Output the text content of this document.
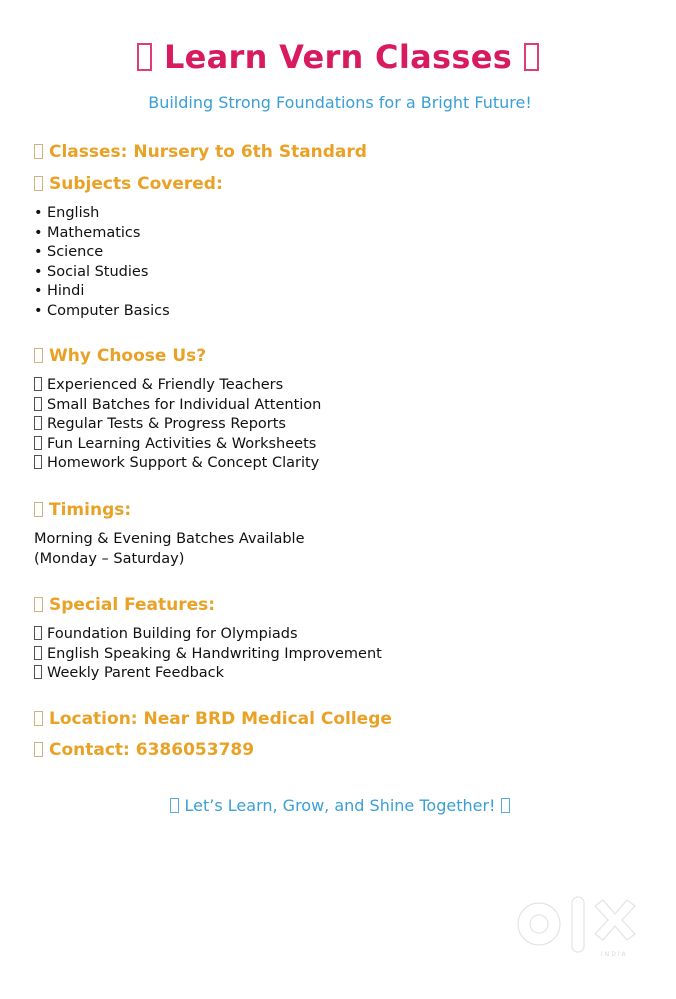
Learn Vern Classes
Building Strong Foundations for a Bright Future!
Classes: Nursery to 6th Standard
Subjects Covered:
• English
• Mathematics
• Science
• Social Studies
• Hindi
• Computer Basics
Why Choose Us?
Experienced & Friendly Teachers
Small Batches for Individual Attention
Regular Tests & Progress Reports
Fun Learning Activities & Worksheets
Homework Support & Concept Clarity
Timings:
Morning & Evening Batches Available
(Monday – Saturday)
Special Features:
Foundation Building for Olympiads
English Speaking & Handwriting Improvement
Weekly Parent Feedback
Location: Near BRD Medical College
Contact: 6386053789
Let’s Learn, Grow, and Shine Together!
INDIA
